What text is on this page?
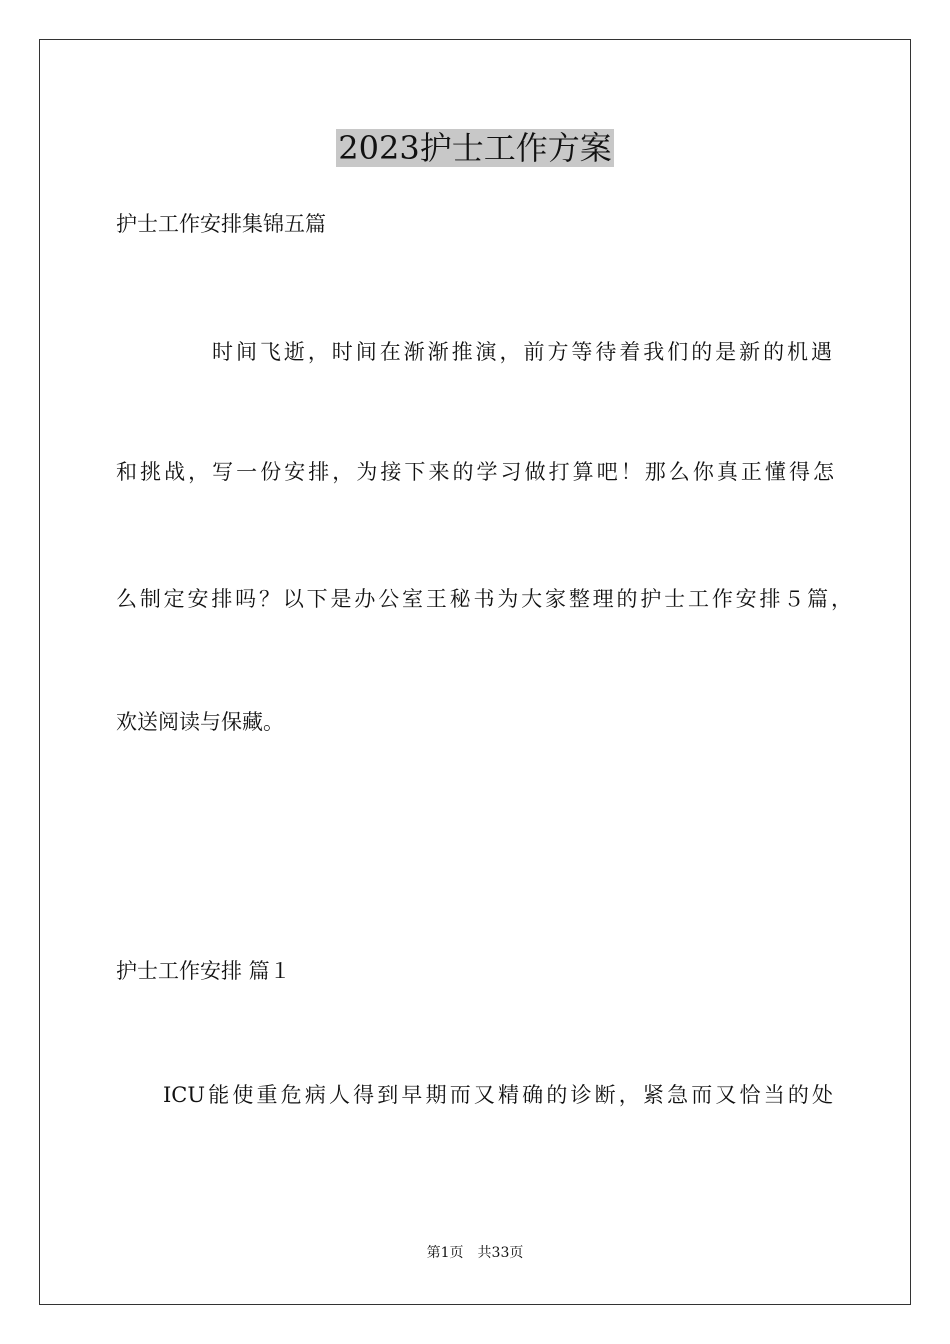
2023护士工作方案
护士工作安排集锦五篇
时间飞逝，时间在渐渐推演，前方等待着我们的是新的机遇
和挑战，写一份安排，为接下来的学习做打算吧！那么你真正懂得怎
么制定安排吗？以下是办公室王秘书为大家整理的护士工作安排５篇，
欢送阅读与保藏。
护士工作安排 篇１
ICU能使重危病人得到早期而又精确的诊断，紧急而又恰当的处
第1页　共33页
